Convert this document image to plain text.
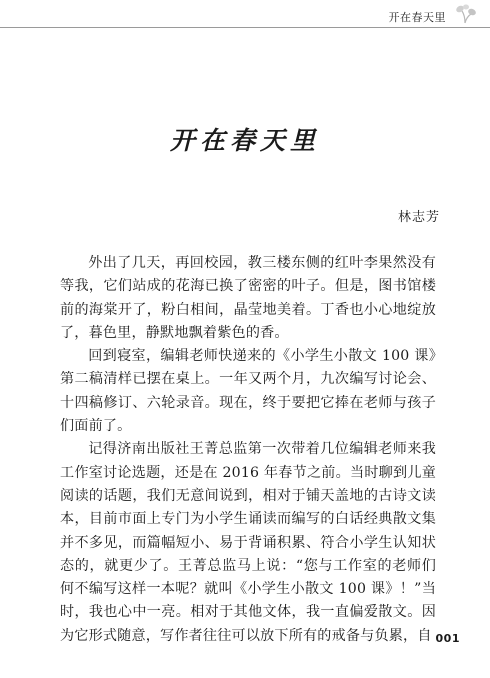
开在春天里
开在春天里
林志芳

外出了几天，再回校园，教三楼东侧的红叶李果然没有等我，它们站成的花海已换了密密的叶子。但是，图书馆楼前的海棠开了，粉白相间，晶莹地美着。丁香也小心地绽放了，暮色里，静默地飘着紫色的香。

回到寝室，编辑老师快递来的《小学生小散文 100 课》第二稿清样已摆在桌上。一年又两个月，九次编写讨论会、十四稿修订、六轮录音。现在，终于要把它捧在老师与孩子们面前了。

记得济南出版社王菁总监第一次带着几位编辑老师来我工作室讨论选题，还是在 2016 年春节之前。当时聊到儿童阅读的话题，我们无意间说到，相对于铺天盖地的古诗文读本，目前市面上专门为小学生诵读而编写的白话经典散文集并不多见，而篇幅短小、易于背诵积累、符合小学生认知状态的，就更少了。王菁总监马上说：“您与工作室的老师们何不编写这样一本呢？就叫《小学生小散文 100 课》！”当时，我也心中一亮。相对于其他文体，我一直偏爱散文。因为它形式随意，写作者往往可以放下所有的戒备与负累，自 001
